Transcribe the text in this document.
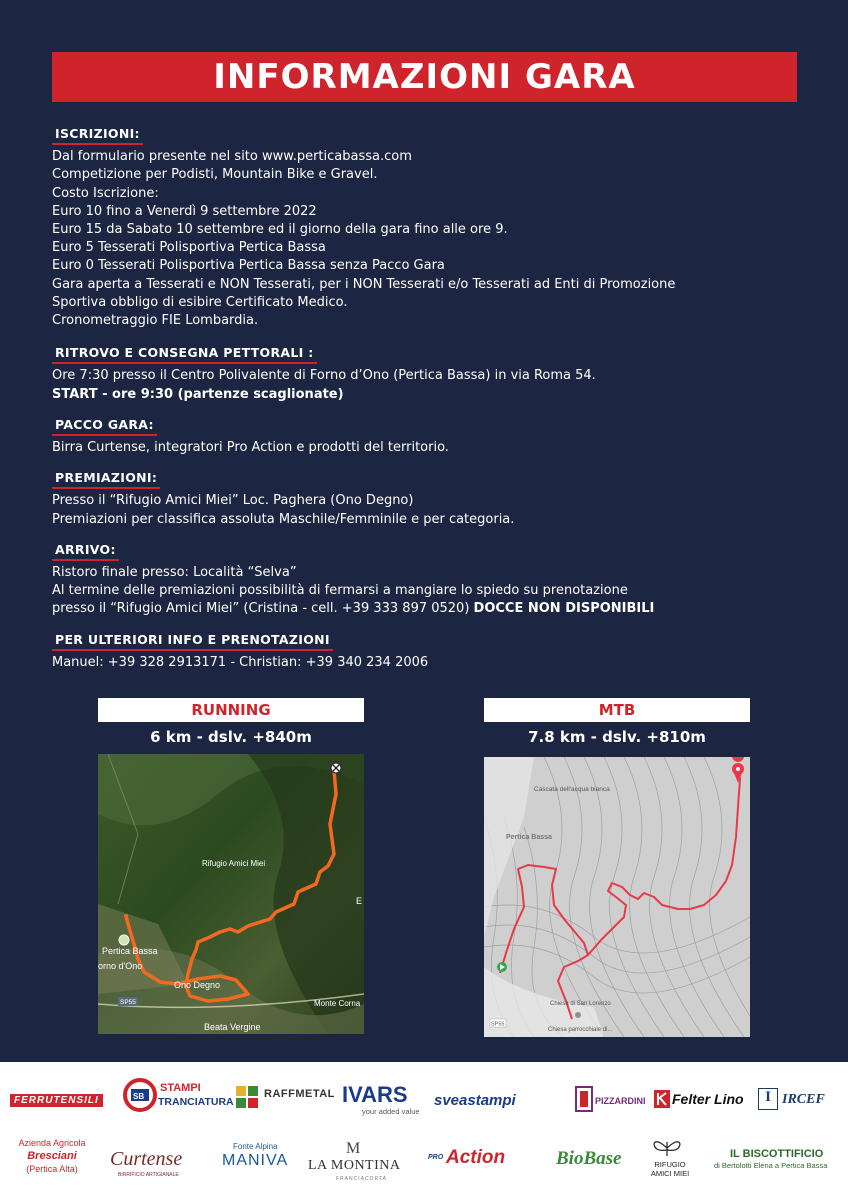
INFORMAZIONI GARA
ISCRIZIONI:
Dal formulario presente nel sito www.perticabassa.com
Competizione per Podisti, Mountain Bike e Gravel.
Costo Iscrizione:
Euro 10 fino a Venerdì 9 settembre 2022
Euro 15 da Sabato 10 settembre ed il giorno della gara fino alle ore 9.
Euro 5 Tesserati Polisportiva Pertica Bassa
Euro 0 Tesserati Polisportiva Pertica Bassa senza Pacco Gara
Gara aperta a Tesserati e NON Tesserati, per i NON Tesserati e/o Tesserati ad Enti di Promozione
Sportiva obbligo di esibire Certificato Medico.
Cronometraggio FIE Lombardia.
RITROVO E CONSEGNA PETTORALI :
Ore 7:30 presso il Centro Polivalente di Forno d’Ono (Pertica Bassa) in via Roma 54.
START - ore 9:30 (partenze scaglionate)
PACCO GARA:
Birra Curtense, integratori Pro Action e prodotti del territorio.
PREMIAZIONI:
Presso il “Rifugio Amici Miei” Loc. Paghera (Ono Degno)
Premiazioni per classifica assoluta Maschile/Femminile e per categoria.
ARRIVO:
Ristoro finale presso: Località “Selva”
Al termine delle premiazioni possibilità di fermarsi a mangiare lo spiedo su prenotazione
presso il “Rifugio Amici Miei” (Cristina - cell. +39 333 897 0520) DOCCE NON DISPONIBILI
PER ULTERIORI INFO E PRENOTAZIONI
Manuel: +39 328 2913171 - Christian: +39 340 234 2006
RUNNING
6 km - dslv. +840m
Rifugio Amici Miei
Pertica Bassa
orno d'Ono
Ono Degno
Monte Corna
Beata Vergine
SP55
E
MTB
7.8 km - dslv. +810m
Cascata dell'acqua bianca
Pertica Bassa
Chiesa di San Lorenzo
Chiesa parrocchiale di...
SP55
FERRUTENSILI	SB
STAMPI
TRANCIATURA
RAFFMETAL IVARS
your added value
sveastampi	PIZZARDINI Felter Lino	I IRCEF
Azienda Agricola
Bresciani
(Pertica Alta)	Curtense
BIRRIFICIO ARTIGIANALE
Fonte Alpina
MANIVA
M
LA MONTINA
FRANCIACORTA
PRO Action	BioBase	RIFUGIO
AMICI MIEI
IL BISCOTTIFICIO
di Bertolotti Elena a Pertica Bassa
